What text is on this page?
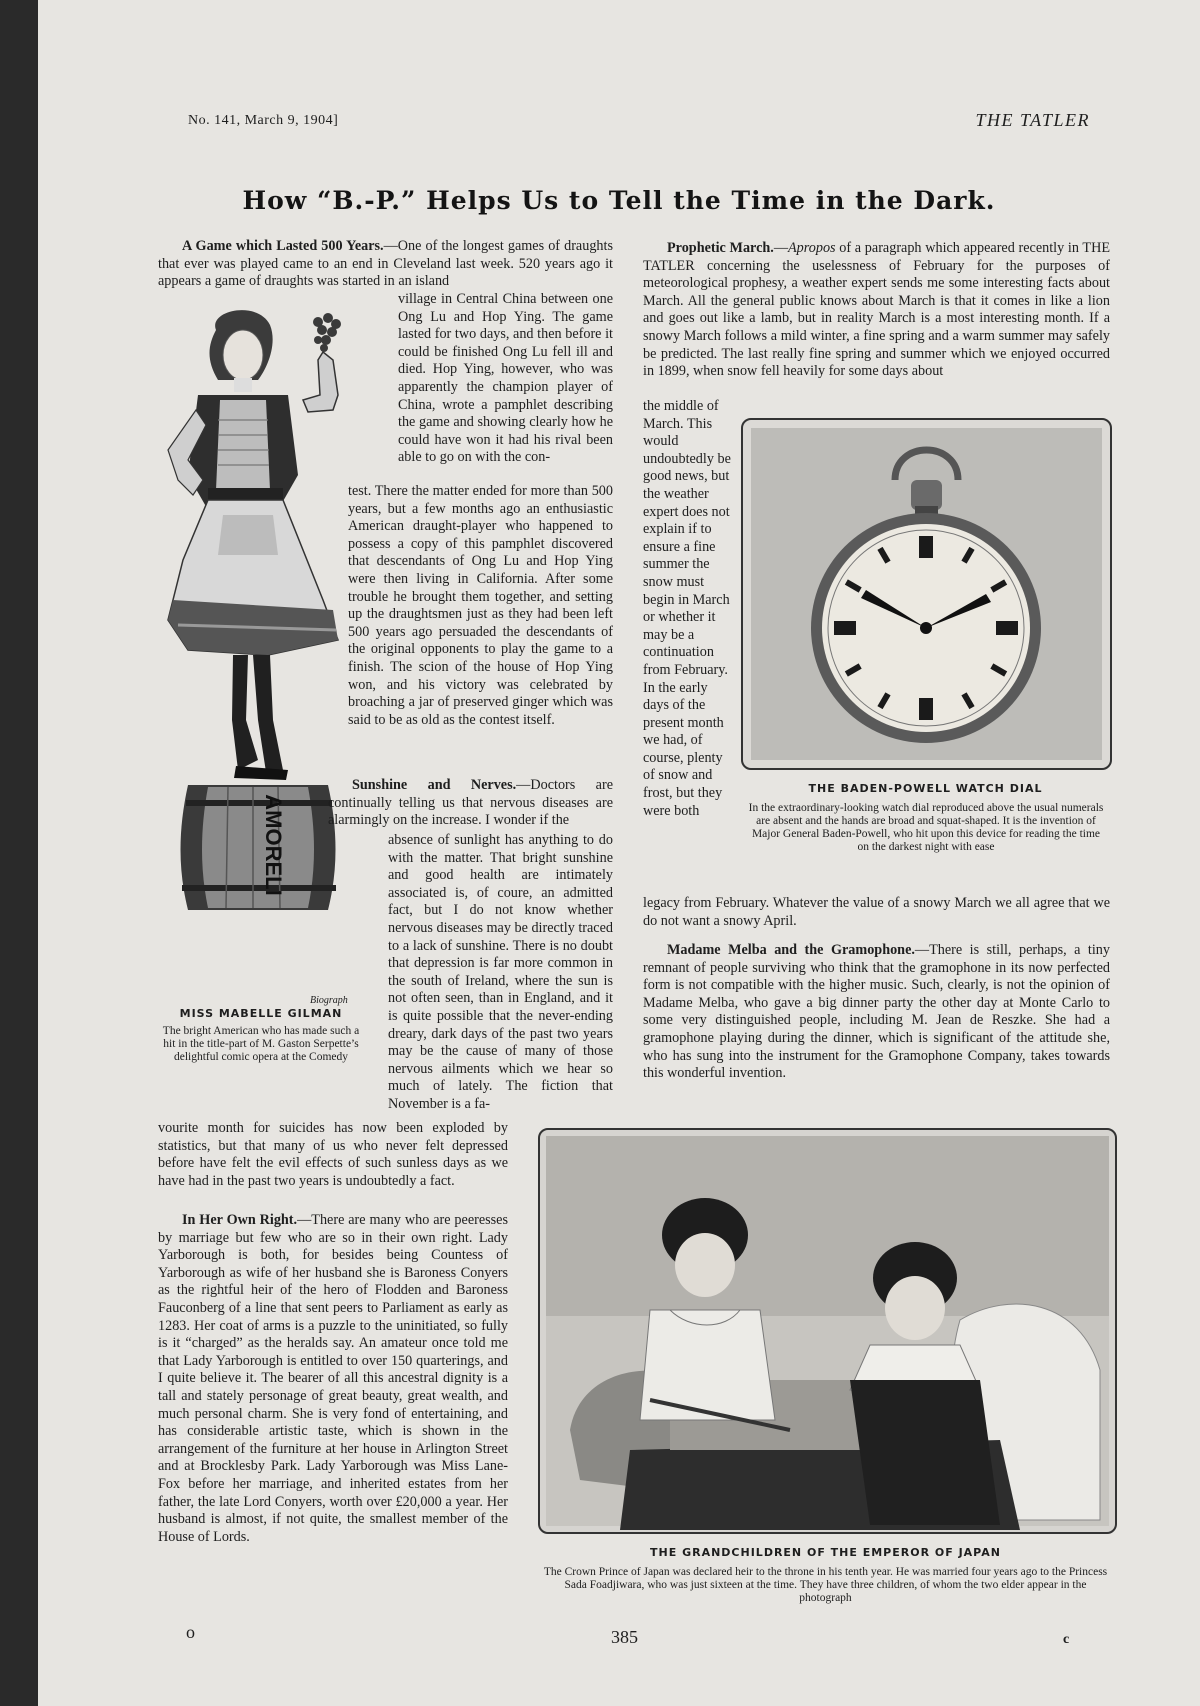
No. 141, March 9, 1904]	THE TATLER
How “B.-P.” Helps Us to Tell the Time in the Dark.

A Game which Lasted 500 Years.—One of the longest games of draughts that ever was played came to an end in Cleveland last week. 520 years ago it appears a game of draughts was started in an island

AMORELI
Biograph
MISS MABELLE GILMAN
The bright American who has made such a hit in the title-part of M. Gaston Serpette’s delightful comic opera at the Comedy

village in Central China between one Ong Lu and Hop Ying. The game lasted for two days, and then before it could be finished Ong Lu fell ill and died. Hop Ying, however, who was apparently the champion player of China, wrote a pamphlet describing the game and showing clearly how he could have won it had his rival been able to go on with the con-

test. There the matter ended for more than 500 years, but a few months ago an enthusiastic American draught-player who happened to possess a copy of this pamphlet discovered that descendants of Ong Lu and Hop Ying were then living in California. After some trouble he brought them together, and setting up the draughtsmen just as they had been left 500 years ago persuaded the descendants of the original opponents to play the game to a finish. The scion of the house of Hop Ying won, and his victory was celebrated by broaching a jar of preserved ginger which was said to be as old as the contest itself.

Sunshine and Nerves.—Doctors are continually telling us that nervous diseases are alarmingly on the increase. I wonder if the

absence of sunlight has anything to do with the matter. That bright sunshine and good health are intimately associated is, of coure, an admitted fact, but I do not know whether nervous diseases may be directly traced to a lack of sunshine. There is no doubt that depression is far more common in the south of Ireland, where the sun is not often seen, than in England, and it is quite possible that the never-ending dreary, dark days of the past two years may be the cause of many of those nervous ailments which we hear so much of lately. The fiction that November is a fa-

vourite month for suicides has now been exploded by statistics, but that many of us who never felt depressed before have felt the evil effects of such sunless days as we have had in the past two years is undoubtedly a fact.

In Her Own Right.—There are many who are peeresses by marriage but few who are so in their own right. Lady Yarborough is both, for besides being Countess of Yarborough as wife of her husband she is Baroness Conyers as the rightful heir of the hero of Flodden and Baroness Fauconberg of a line that sent peers to Parliament as early as 1283. Her coat of arms is a puzzle to the uninitiated, so fully is it “charged” as the heralds say. An amateur once told me that Lady Yarborough is entitled to over 150 quarterings, and I quite believe it. The bearer of all this ancestral dignity is a tall and stately personage of great beauty, great wealth, and much personal charm. She is very fond of entertaining, and has considerable artistic taste, which is shown in the arrangement of the furniture at her house in Arlington Street and at Brocklesby Park. Lady Yarborough was Miss Lane-Fox before her marriage, and inherited estates from her father, the late Lord Conyers, worth over £20,000 a year. Her husband is almost, if not quite, the smallest member of the House of Lords.

Prophetic March.—Apropos of a paragraph which appeared recently in THE TATLER concerning the uselessness of February for the purposes of meteorological prophesy, a weather expert sends me some interesting facts about March. All the general public knows about March is that it comes in like a lion and goes out like a lamb, but in reality March is a most interesting month. If a snowy March follows a mild winter, a fine spring and a warm summer may safely be predicted. The last really fine spring and summer which we enjoyed occurred in 1899, when snow fell heavily for some days about

the middle of March. This would undoubtedly be good news, but the weather expert does not explain if to ensure a fine summer the snow must begin in March or whether it may be a continuation from February. In the early days of the present month we had, of course, plenty of snow and frost, but they were both

THE BADEN-POWELL WATCH DIAL
In the extraordinary-looking watch dial reproduced above the usual numerals are absent and the hands are broad and squat-shaped. It is the invention of Major General Baden-Powell, who hit upon this device for reading the time on the darkest night with ease

legacy from February. Whatever the value of a snowy March we all agree that we do not want a snowy April.

Madame Melba and the Gramophone.—There is still, perhaps, a tiny remnant of people surviving who think that the gramophone in its now perfected form is not compatible with the higher music. Such, clearly, is not the opinion of Madame Melba, who gave a big dinner party the other day at Monte Carlo to some very distinguished people, including M. Jean de Reszke. She had a gramophone playing during the dinner, which is significant of the attitude she, who has sung into the instrument for the Gramophone Company, takes towards this wonderful invention.

THE GRANDCHILDREN OF THE EMPEROR OF JAPAN
The Crown Prince of Japan was declared heir to the throne in his tenth year. He was married four years ago to the Princess Sada Foadjiwara, who was just sixteen at the time. They have three children, of whom the two elder appear in the photograph
o	385	c
